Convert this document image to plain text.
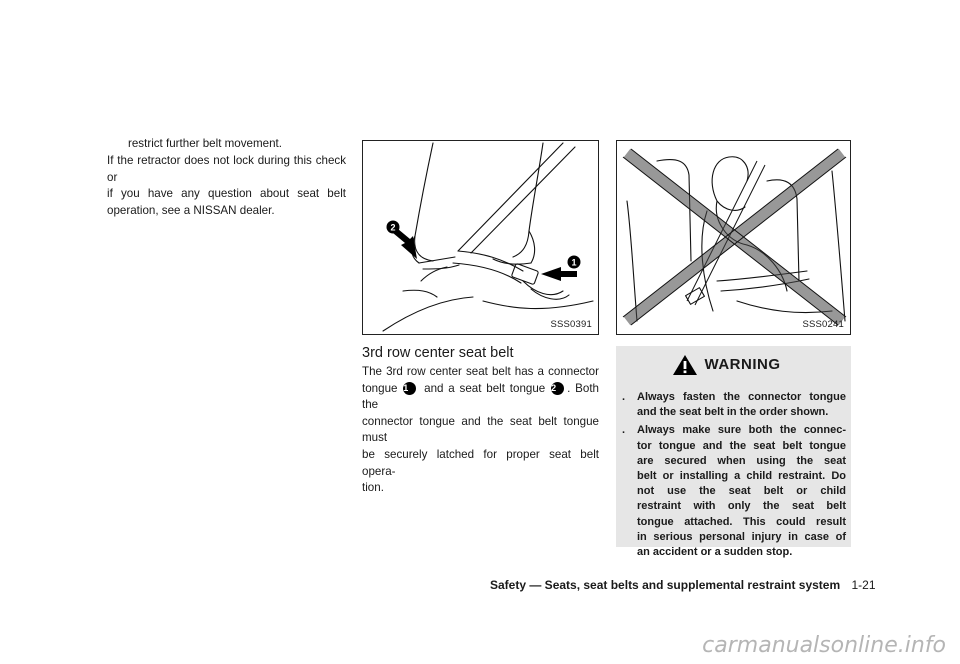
restrict further belt movement.
If the retractor does not lock during this check or
if you have any question about seat belt
operation, see a NISSAN dealer.
1
2
SSS0391	SSS0241
3rd row center seat belt
The 3rd row center seat belt has a connector
tongue 1 and a seat belt tongue 2 . Both the
connector tongue and the seat belt tongue must
be securely latched for proper seat belt opera-
tion.
WARNING
. Always fasten the connector tongue
and the seat belt in the order shown.
. Always make sure both the connec-
tor tongue and the seat belt tongue
are secured when using the seat
belt or installing a child restraint. Do
not use the seat belt or child
restraint with only the seat belt
tongue attached. This could result
in serious personal injury in case of
an accident or a sudden stop.
Safety — Seats, seat belts and supplemental restraint system 1-21
carmanualsonline.info
